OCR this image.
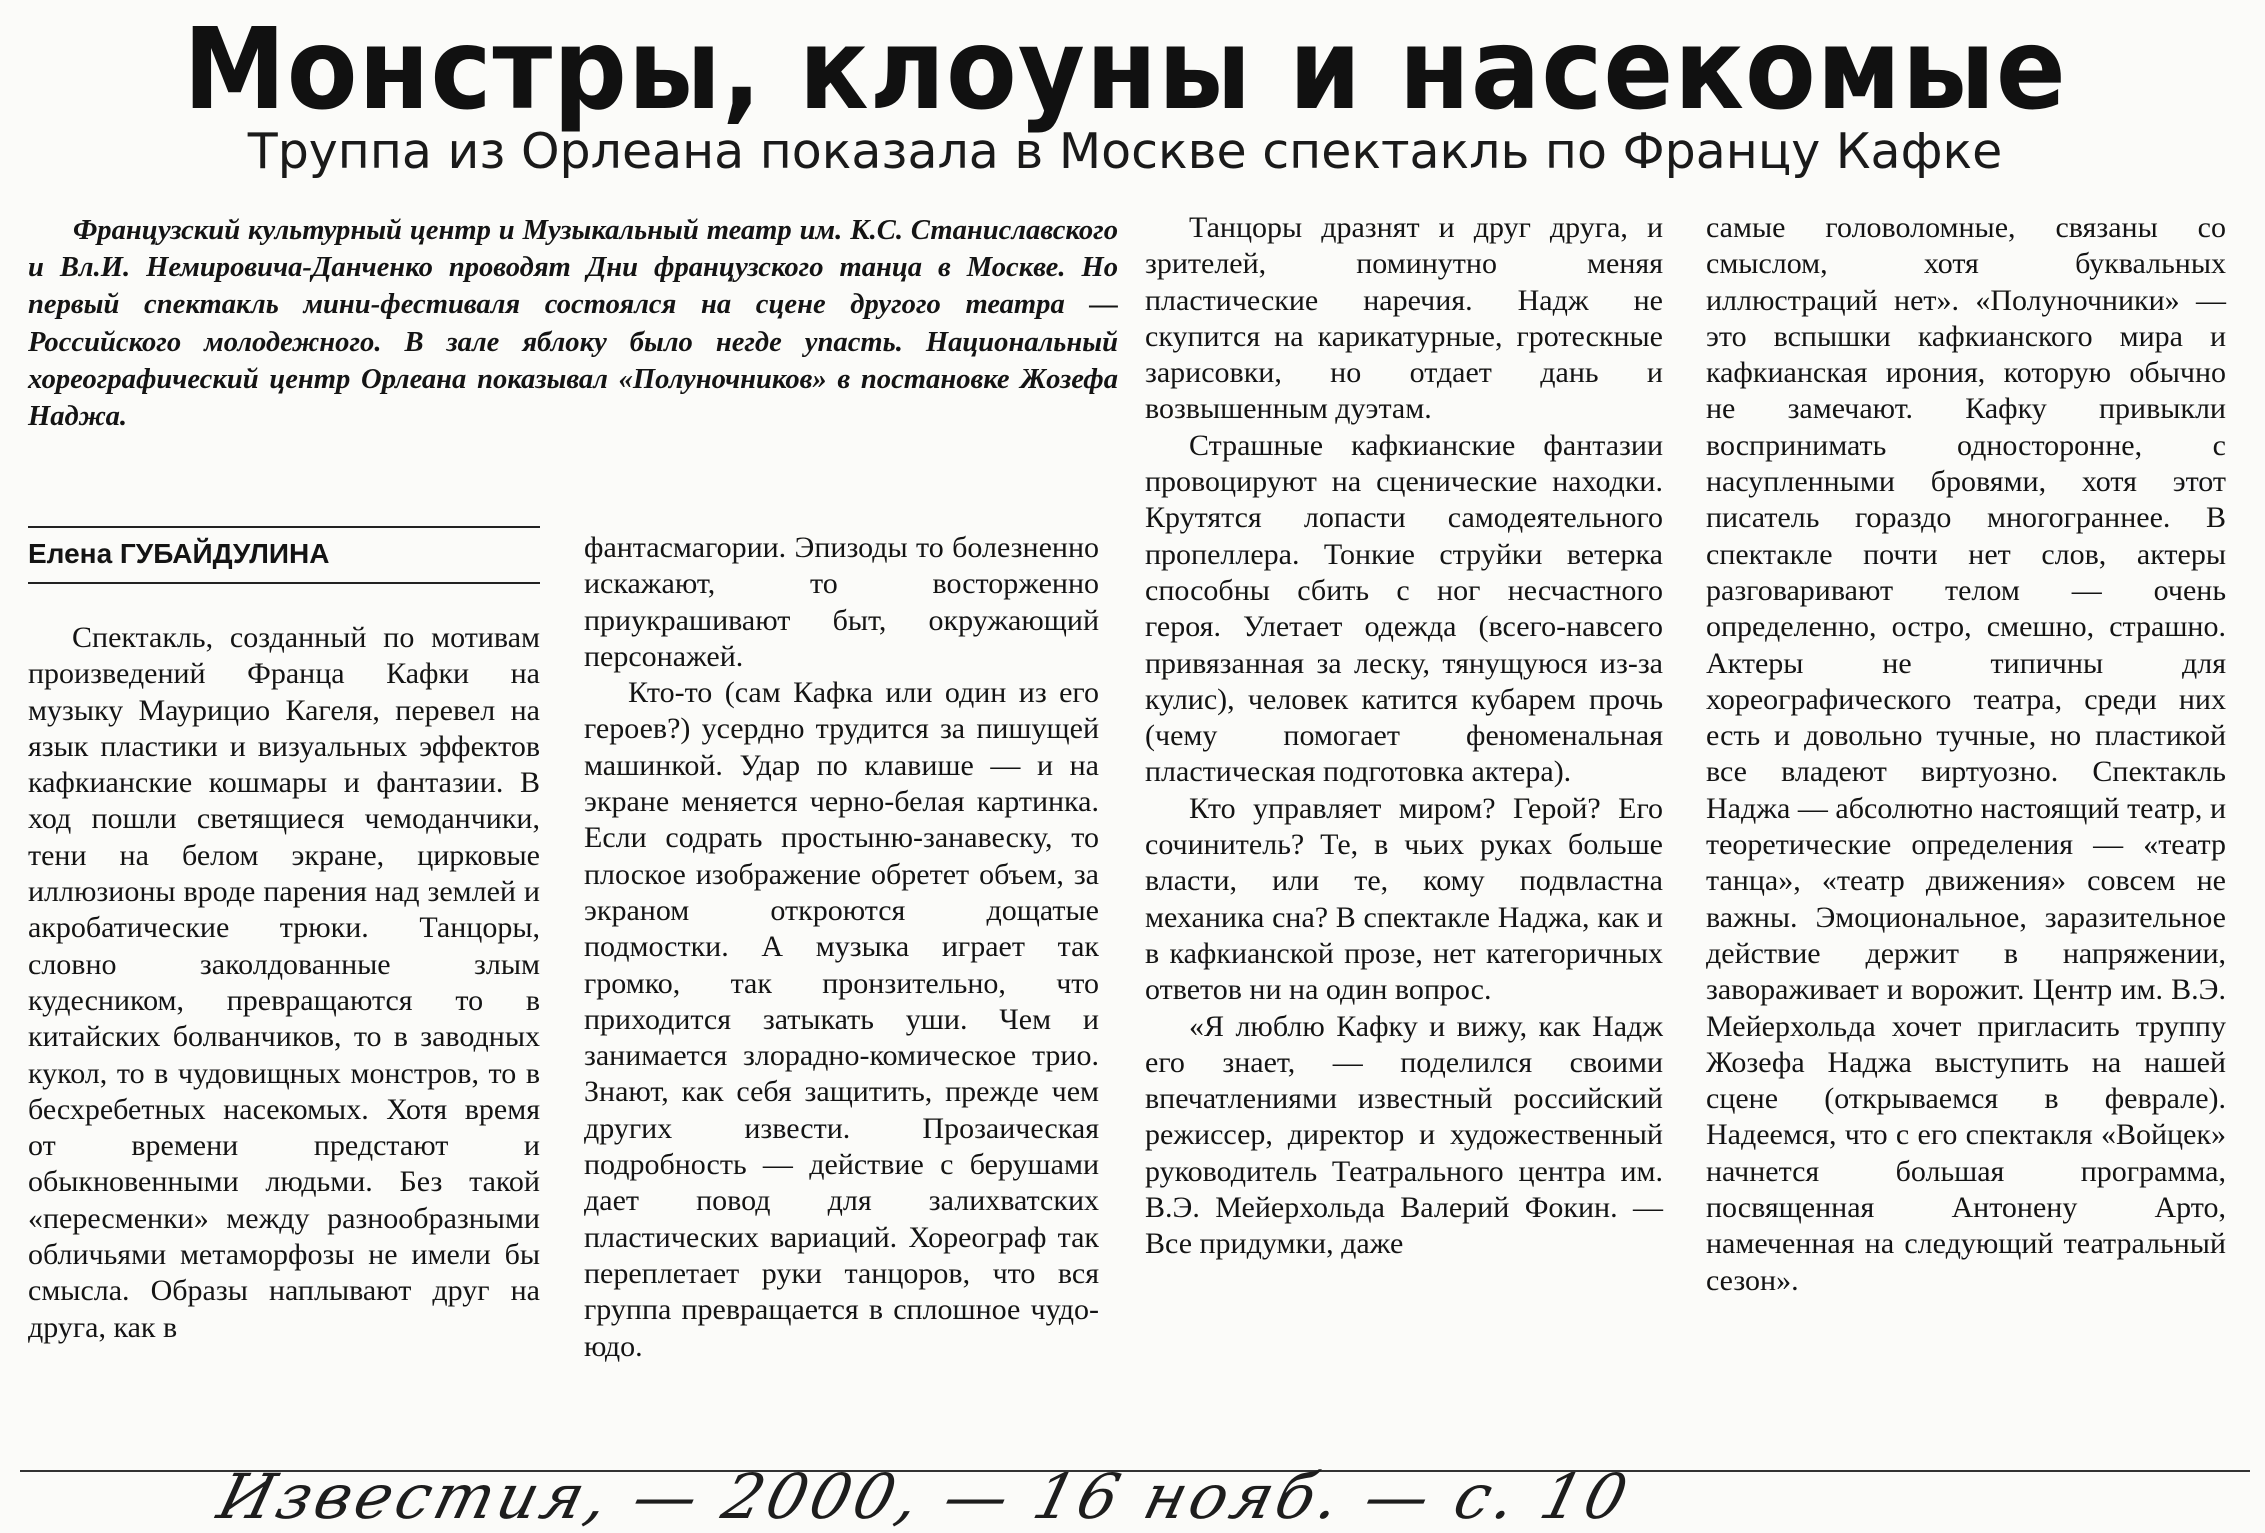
Монстры, клоуны и насекомые
Труппа из Орлеана показала в Москве спектакль по Францу Кафке

Французский культурный центр и Музыкальный театр им. К.С. Станиславского и Вл.И. Немировича-Данченко проводят Дни французского танца в Москве. Но первый спектакль мини-фестиваля состоялся на сцене другого театра — Российского молодежного. В зале яблоку было негде упасть. Национальный хореографический центр Орлеана показывал «Полуночников» в постановке Жозефа Наджа.

Елена ГУБАЙДУЛИНА

Спектакль, созданный по мотивам произведений Франца Кафки на музыку Маурицио Кагеля, перевел на язык пластики и визуальных эффектов кафкианские кошмары и фантазии. В ход пошли светящиеся чемоданчики, тени на белом экране, цирковые иллюзионы вроде парения над землей и акробатические трюки. Танцоры, словно заколдованные злым кудесником, превращаются то в китайских болванчиков, то в заводных кукол, то в чудовищных монстров, то в бесхребетных насекомых. Хотя время от времени предстают и обыкновенными людьми. Без такой «пересменки» между разнообразными обличьями метаморфозы не имели бы смысла. Образы наплывают друг на друга, как в

фантасмагории. Эпизоды то болезненно искажают, то восторженно приукрашивают быт, окружающий персонажей.

Кто-то (сам Кафка или один из его героев?) усердно трудится за пишущей машинкой. Удар по клавише — и на экране меняется черно-белая картинка. Если содрать простыню-занавеску, то плоское изображение обретет объем, за экраном откроются дощатые подмостки. А музыка играет так громко, так пронзительно, что приходится затыкать уши. Чем и занимается злорадно-комическое трио. Знают, как себя защитить, прежде чем других извести. Прозаическая подробность — действие с берушами дает повод для залихватских пластических вариаций. Хореограф так переплетает руки танцоров, что вся группа превращается в сплошное чудо-юдо.

Танцоры дразнят и друг друга, и зрителей, поминутно меняя пластические наречия. Надж не скупится на карикатурные, гротескные зарисовки, но отдает дань и возвышенным дуэтам.

Страшные кафкианские фантазии провоцируют на сценические находки. Крутятся лопасти самодеятельного пропеллера. Тонкие струйки ветерка способны сбить с ног несчастного героя. Улетает одежда (всего-навсего привязанная за леску, тянущуюся из-за кулис), человек катится кубарем прочь (чему помогает феноменальная пластическая подготовка актера).

Кто управляет миром? Герой? Его сочинитель? Те, в чьих руках больше власти, или те, кому подвластна механика сна? В спектакле Наджа, как и в кафкианской прозе, нет категоричных ответов ни на один вопрос.

«Я люблю Кафку и вижу, как Надж его знает, — поделился своими впечатлениями известный российский режиссер, директор и художественный руководитель Театрального центра им. В.Э. Мейерхольда Валерий Фокин. — Все придумки, даже

самые головоломные, связаны со смыслом, хотя буквальных иллюстраций нет». «Полуночники» — это вспышки кафкианского мира и кафкианская ирония, которую обычно не замечают. Кафку привыкли воспринимать односторонне, с насупленными бровями, хотя этот писатель гораздо многограннее. В спектакле почти нет слов, актеры разговаривают телом — очень определенно, остро, смешно, страшно. Актеры не типичны для хореографического театра, среди них есть и довольно тучные, но пластикой все владеют виртуозно. Спектакль Наджа — абсолютно настоящий театр, и теоретические определения — «театр танца», «театр движения» совсем не важны. Эмоциональное, заразительное действие держит в напряжении, завораживает и ворожит. Центр им. В.Э. Мейерхольда хочет пригласить труппу Жозефа Наджа выступить на нашей сцене (открываемся в феврале). Надеемся, что с его спектакля «Войцек» начнется большая программа, посвященная Антонену Арто, намеченная на следующий театральный сезон».

Известия, — 2000, — 16 нояб. — с. 10
